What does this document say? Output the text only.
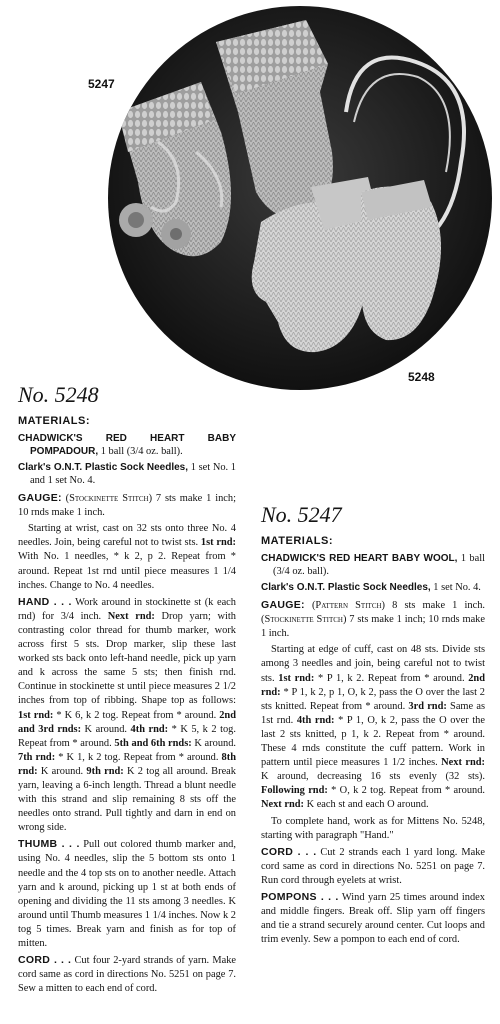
5247
5248
No. 5248
MATERIALS:
CHADWICK'S RED HEART BABY POMPADOUR, 1 ball (3/4 oz. ball).
Clark's O.N.T. Plastic Sock Needles, 1 set No. 1 and 1 set No. 4.

GAUGE: (Stockinette Stitch) 7 sts make 1 inch; 10 rnds make 1 inch.

Starting at wrist, cast on 32 sts onto three No. 4 needles. Join, being careful not to twist sts. 1st rnd: With No. 1 needles, * k 2, p 2. Repeat from * around. Repeat 1st rnd until piece measures 1 1/4 inches. Change to No. 4 needles.

HAND . . . Work around in stockinette st (k each rnd) for 3/4 inch. Next rnd: Drop yarn; with contrasting color thread for thumb marker, work across first 5 sts. Drop marker, slip these last worked sts back onto left-hand needle, pick up yarn and k across the same 5 sts; then finish rnd. Continue in stockinette st until piece measures 2 1/2 inches from top of ribbing. Shape top as follows: 1st rnd: * K 6, k 2 tog. Repeat from * around. 2nd and 3rd rnds: K around. 4th rnd: * K 5, k 2 tog. Repeat from * around. 5th and 6th rnds: K around. 7th rnd: * K 1, k 2 tog. Repeat from * around. 8th rnd: K around. 9th rnd: K 2 tog all around. Break yarn, leaving a 6-inch length. Thread a blunt needle with this strand and slip remaining 8 sts off the needles onto strand. Pull tightly and darn in end on wrong side.

THUMB . . . Pull out colored thumb marker and, using No. 4 needles, slip the 5 bottom sts onto 1 needle and the 4 top sts on to another needle. Attach yarn and k around, picking up 1 st at both ends of opening and dividing the 11 sts among 3 needles. K around until Thumb measures 1 1/4 inches. Now k 2 tog 5 times. Break yarn and finish as for top of mitten.

CORD . . . Cut four 2-yard strands of yarn. Make cord same as cord in directions No. 5251 on page 7. Sew a mitten to each end of cord.

No. 5247
MATERIALS:
CHADWICK'S RED HEART BABY WOOL, 1 ball (3/4 oz. ball).
Clark's O.N.T. Plastic Sock Needles, 1 set No. 4.

GAUGE: (Pattern Stitch) 8 sts make 1 inch. (Stockinette Stitch) 7 sts make 1 inch; 10 rnds make 1 inch.

Starting at edge of cuff, cast on 48 sts. Divide sts among 3 needles and join, being careful not to twist sts. 1st rnd: * P 1, k 2. Repeat from * around. 2nd rnd: * P 1, k 2, p 1, O, k 2, pass the O over the last 2 sts knitted. Repeat from * around. 3rd rnd: Same as 1st rnd. 4th rnd: * P 1, O, k 2, pass the O over the last 2 sts knitted, p 1, k 2. Repeat from * around. These 4 rnds constitute the cuff pattern. Work in pattern until piece measures 1 1/2 inches. Next rnd: K around, decreasing 16 sts evenly (32 sts). Following rnd: * O, k 2 tog. Repeat from * around. Next rnd: K each st and each O around.

To complete hand, work as for Mittens No. 5248, starting with paragraph "Hand."

CORD . . . Cut 2 strands each 1 yard long. Make cord same as cord in directions No. 5251 on page 7. Run cord through eyelets at wrist.

POMPONS . . . Wind yarn 25 times around index and middle fingers. Break off. Slip yarn off fingers and tie a strand securely around center. Cut loops and trim evenly. Sew a pompon to each end of cord.
